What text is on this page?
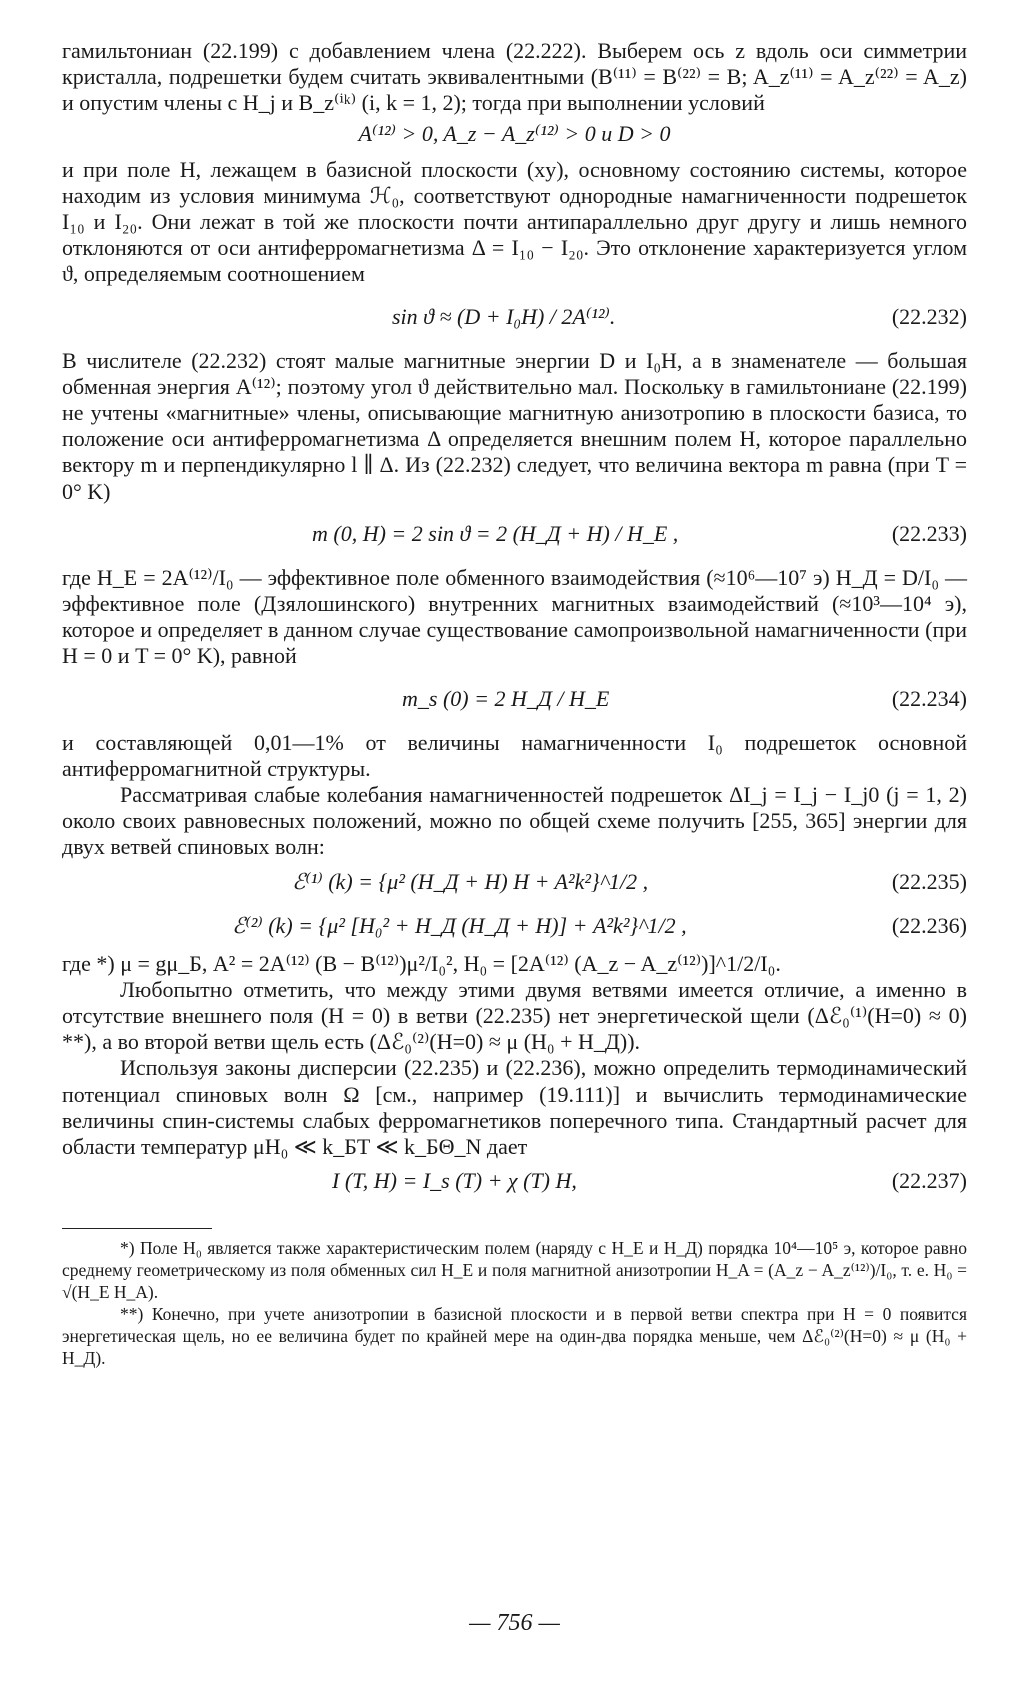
гамильтониан (22.199) с добавлением члена (22.222). Выберем ось z вдоль оси симметрии кристалла, подрешетки будем считать эквивалентными (B⁽¹¹⁾ = B⁽²²⁾ = B; A_z⁽¹¹⁾ = A_z⁽²²⁾ = A_z) и опустим члены с H_j и B_z⁽ⁱᵏ⁾ (i, k = 1, 2); тогда при выполнении условий

A⁽¹²⁾ > 0, A_z − A_z⁽¹²⁾ > 0 и D > 0

и при поле H, лежащем в базисной плоскости (xy), основному состоянию системы, которое находим из условия минимума ℋ₀, соответствуют однородные намагниченности подрешеток I₁₀ и I₂₀. Они лежат в той же плоскости почти антипараллельно друг другу и лишь немного отклоняются от оси антиферромагнетизма Δ = I₁₀ − I₂₀. Это отклонение характеризуется углом ϑ, определяемым соотношением

sin ϑ ≈ (D + I₀H) / 2A⁽¹²⁾.	(22.232)

В числителе (22.232) стоят малые магнитные энергии D и I₀H, а в знаменателе — большая обменная энергия A⁽¹²⁾; поэтому угол ϑ действительно мал. Поскольку в гамильтониане (22.199) не учтены «магнитные» члены, описывающие магнитную анизотропию в плоскости базиса, то положение оси антиферромагнетизма Δ определяется внешним полем H, которое параллельно вектору m и перпендикулярно l ∥ Δ. Из (22.232) следует, что величина вектора m равна (при T = 0° K)

m (0, H) = 2 sin ϑ = 2 (H_Д + H) / H_E ,	(22.233)

где H_E = 2A⁽¹²⁾/I₀ — эффективное поле обменного взаимодействия (≈10⁶—10⁷ э) H_Д = D/I₀ — эффективное поле (Дзялошинского) внутренних магнитных взаимодействий (≈10³—10⁴ э), которое и определяет в данном случае существование самопроизвольной намагниченности (при H = 0 и T = 0° K), равной

m_s (0) = 2 H_Д / H_E	(22.234)

и составляющей 0,01—1% от величины намагниченности I₀ подрешеток основной антиферромагнитной структуры.

Рассматривая слабые колебания намагниченностей подрешеток ΔI_j = I_j − I_j0 (j = 1, 2) около своих равновесных положений, можно по общей схеме получить [255, 365] энергии для двух ветвей спиновых волн:

ℰ⁽¹⁾ (k) = {μ² (H_Д + H) H + A²k²}^1/2 ,	(22.235)
ℰ⁽²⁾ (k) = {μ² [H₀² + H_Д (H_Д + H)] + A²k²}^1/2 ,	(22.236)

где *) μ = gμ_Б, A² = 2A⁽¹²⁾ (B − B⁽¹²⁾)μ²/I₀², H₀ = [2A⁽¹²⁾ (A_z − A_z⁽¹²⁾)]^1/2/I₀.

Любопытно отметить, что между этими двумя ветвями имеется отличие, а именно в отсутствие внешнего поля (H = 0) в ветви (22.235) нет энергетической щели (Δℰ₀⁽¹⁾(H=0) ≈ 0) **), а во второй ветви щель есть (Δℰ₀⁽²⁾(H=0) ≈ μ (H₀ + H_Д)).

Используя законы дисперсии (22.235) и (22.236), можно определить термодинамический потенциал спиновых волн Ω [см., например (19.111)] и вычислить термодинамические величины спин-системы слабых ферромагнетиков поперечного типа. Стандартный расчет для области температур μH₀ ≪ k_БT ≪ k_БΘ_N дает

I (T, H) = I_s (T) + χ (T) H,	(22.237)

*) Поле H₀ является также характеристическим полем (наряду с H_E и H_Д) порядка 10⁴—10⁵ э, которое равно среднему геометрическому из поля обменных сил H_E и поля магнитной анизотропии H_A = (A_z − A_z⁽¹²⁾)/I₀, т. е. H₀ = √(H_E H_A).

**) Конечно, при учете анизотропии в базисной плоскости и в первой ветви спектра при H = 0 появится энергетическая щель, но ее величина будет по крайней мере на один-два порядка меньше, чем Δℰ₀⁽²⁾(H=0) ≈ μ (H₀ + H_Д).

— 756 —
